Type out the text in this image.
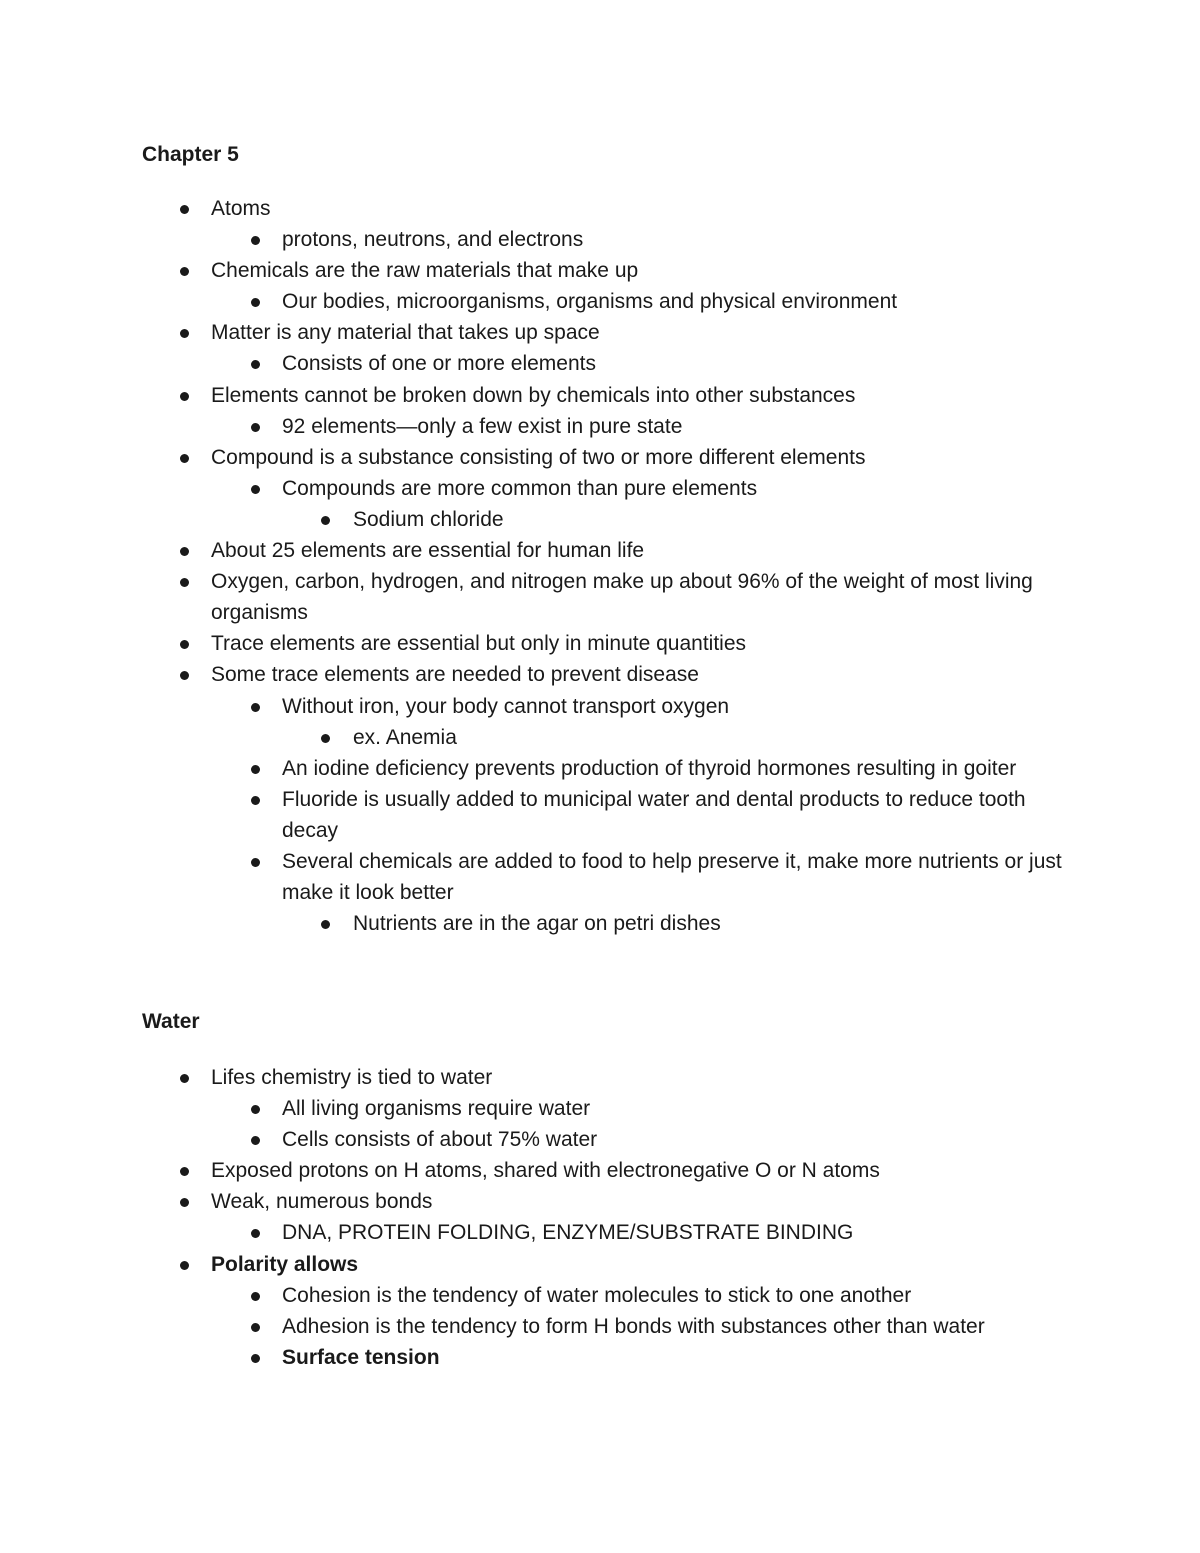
Chapter 5
Atoms
protons, neutrons, and electrons
Chemicals are the raw materials that make up
Our bodies, microorganisms, organisms and physical environment
Matter is any material that takes up space
Consists of one or more elements
Elements cannot be broken down by chemicals into other substances
92 elements—only a few exist in pure state
Compound is a substance consisting of two or more different elements
Compounds are more common than pure elements
Sodium chloride
About 25 elements are essential for human life
Oxygen, carbon, hydrogen, and nitrogen make up about 96% of the weight of most living organisms
Trace elements are essential but only in minute quantities
Some trace elements are needed to prevent disease
Without iron, your body cannot transport oxygen
ex. Anemia
An iodine deficiency prevents production of thyroid hormones resulting in goiter
Fluoride is usually added to municipal water and dental products to reduce tooth decay
Several chemicals are added to food to help preserve it, make more nutrients or just make it look better
Nutrients are in the agar on petri dishes
Water
Lifes chemistry is tied to water
All living organisms require water
Cells consists of about 75% water
Exposed protons on H atoms, shared with electronegative O or N atoms
Weak, numerous bonds
DNA, PROTEIN FOLDING, ENZYME/SUBSTRATE BINDING
Polarity allows
Cohesion is the tendency of water molecules to stick to one another
Adhesion is the tendency to form H bonds with substances other than water
Surface tension
